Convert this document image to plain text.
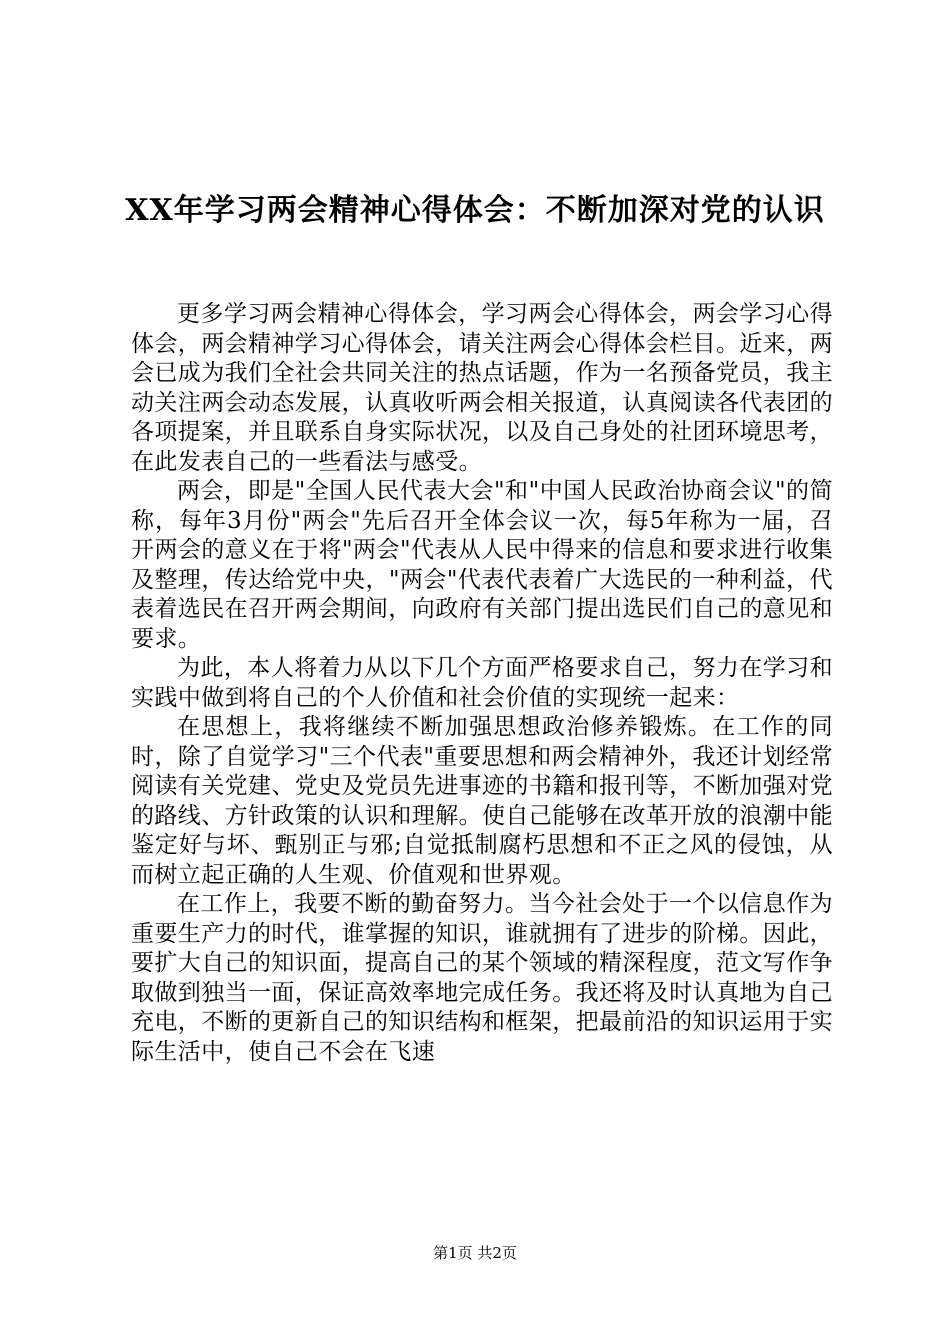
XX年学习两会精神心得体会：不断加深对党的认识

更多学习两会精神心得体会，学习两会心得体会，两会学习心得体会，两会精神学习心得体会，请关注两会心得体会栏目。近来，两会已成为我们全社会共同关注的热点话题，作为一名预备党员，我主动关注两会动态发展，认真收听两会相关报道，认真阅读各代表团的各项提案，并且联系自身实际状况，以及自己身处的社团环境思考，在此发表自己的一些看法与感受。

两会，即是"全国人民代表大会"和"中国人民政治协商会议"的简称，每年3月份"两会"先后召开全体会议一次，每5年称为一届，召开两会的意义在于将"两会"代表从人民中得来的信息和要求进行收集及整理，传达给党中央，"两会"代表代表着广大选民的一种利益，代表着选民在召开两会期间，向政府有关部门提出选民们自己的意见和要求。

为此，本人将着力从以下几个方面严格要求自己，努力在学习和实践中做到将自己的个人价值和社会价值的实现统一起来：

在思想上，我将继续不断加强思想政治修养锻炼。在工作的同时，除了自觉学习"三个代表"重要思想和两会精神外，我还计划经常阅读有关党建、党史及党员先进事迹的书籍和报刊等，不断加强对党的路线、方针政策的认识和理解。使自己能够在改革开放的浪潮中能鉴定好与坏、甄别正与邪;自觉抵制腐朽思想和不正之风的侵蚀，从而树立起正确的人生观、价值观和世界观。

在工作上，我要不断的勤奋努力。当今社会处于一个以信息作为重要生产力的时代，谁掌握的知识，谁就拥有了进步的阶梯。因此，要扩大自己的知识面，提高自己的某个领域的精深程度，范文写作争取做到独当一面，保证高效率地完成任务。我还将及时认真地为自己充电，不断的更新自己的知识结构和框架，把最前沿的知识运用于实际生活中，使自己不会在飞速

第1页 共2页
